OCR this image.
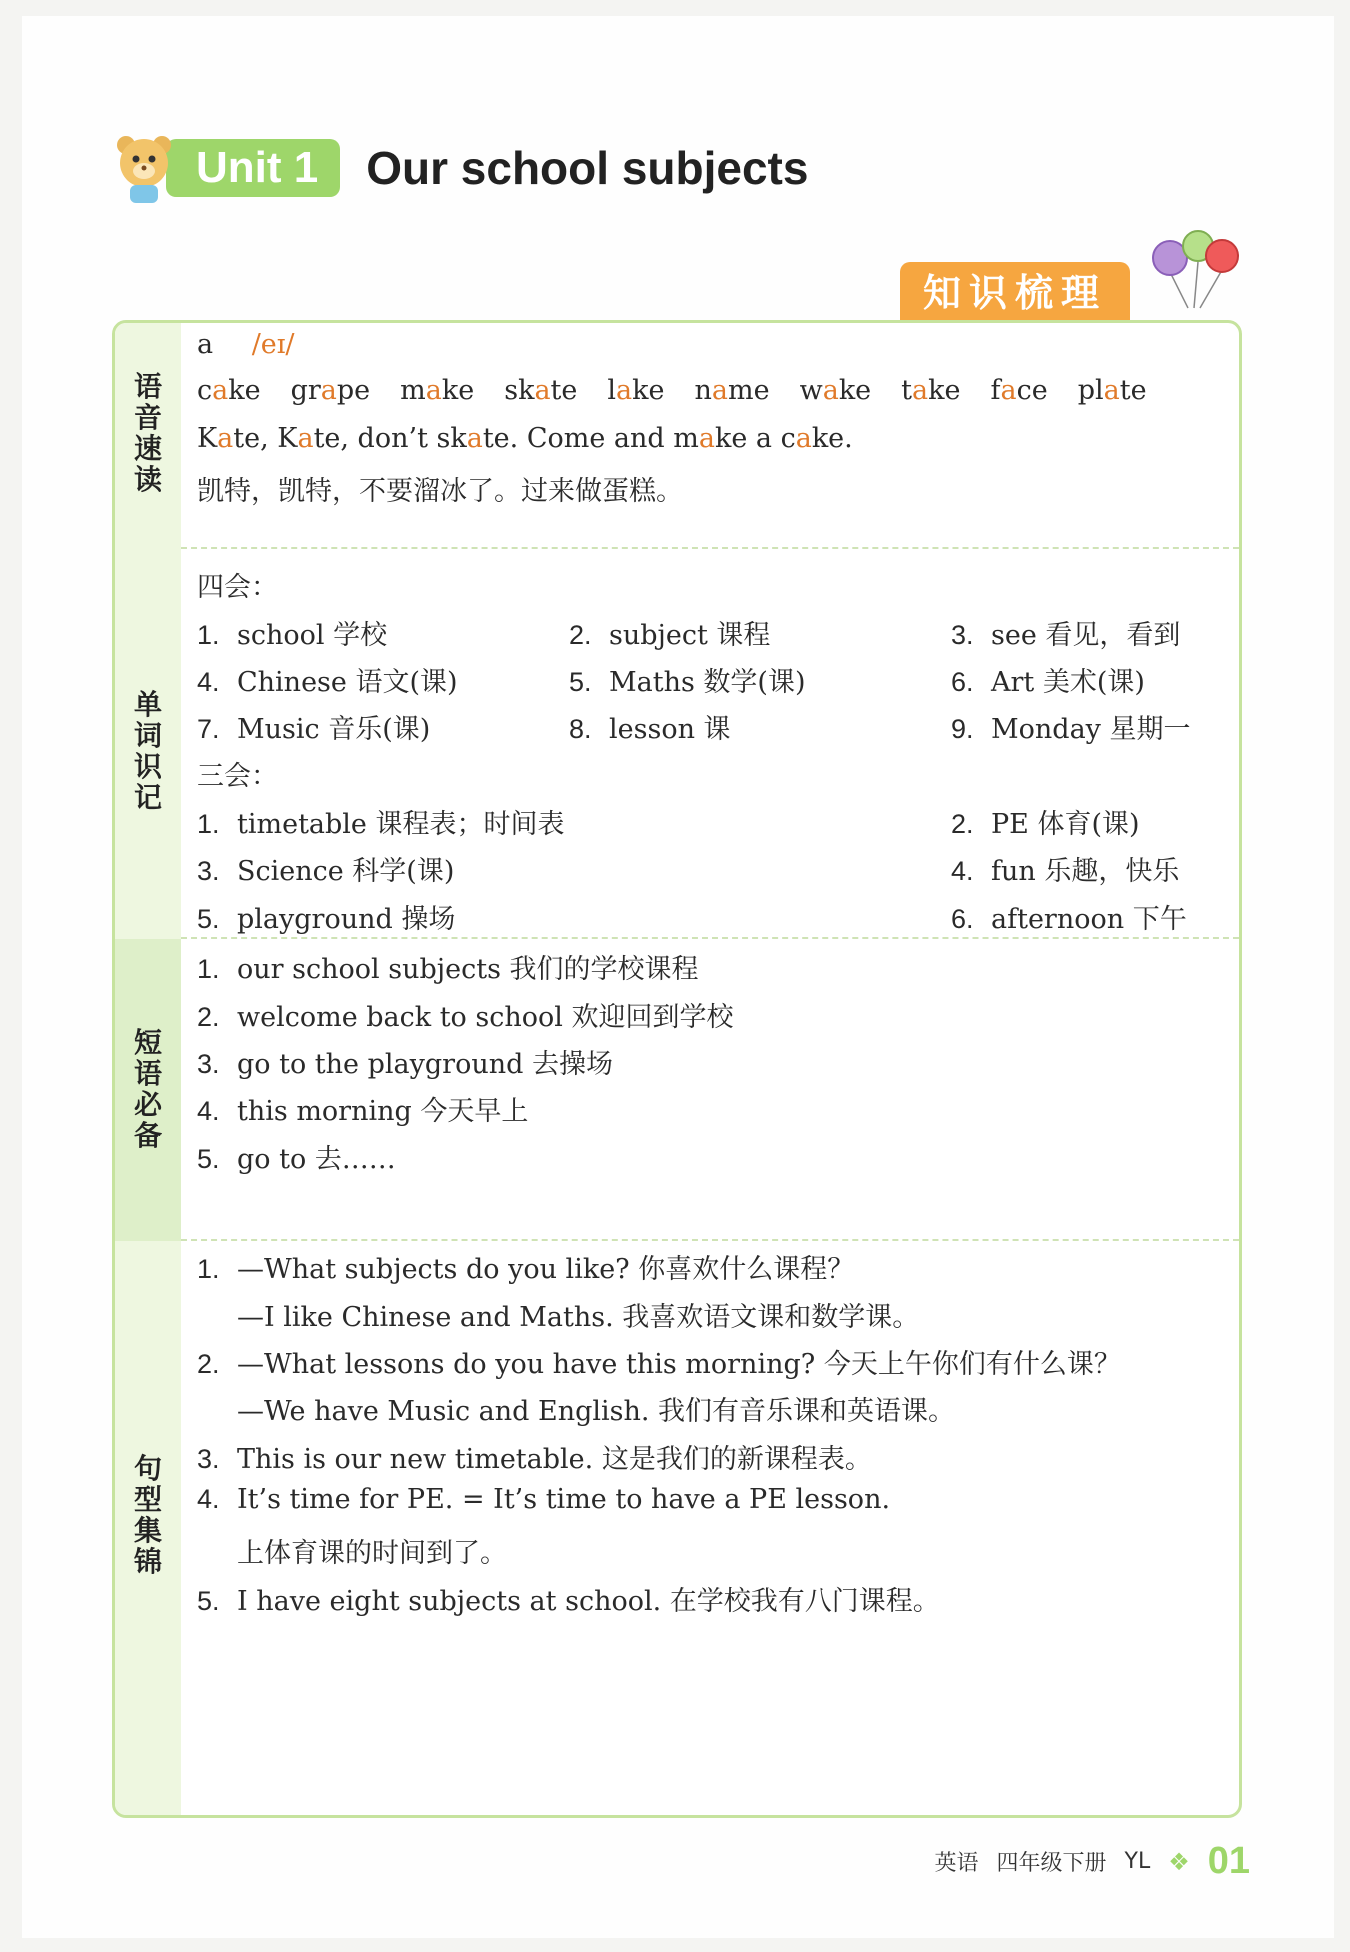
Unit 1	Our school subjects
知识梳理
语
音
速
读
a /eɪ/
cake grape make skate lake name wake take face plate
Kate, Kate, don’t skate. Come and make a cake.
凯特，凯特，不要溜冰了。过来做蛋糕。
单
词
识
记
四会：
1. school 学校	2. subject 课程	3. see 看见，看到
4. Chinese 语文(课)	5. Maths 数学(课)	6. Art 美术(课)
7. Music 音乐(课)	8. lesson 课	9. Monday 星期一
三会：
1. timetable 课程表；时间表	2. PE 体育(课)
3. Science 科学(课)	4. fun 乐趣，快乐
5. playground 操场	6. afternoon 下午
短
语
必
备
1. our school subjects 我们的学校课程
2. welcome back to school 欢迎回到学校
3. go to the playground 去操场
4. this morning 今天早上
5. go to 去……
句
型
集
锦
1. —What subjects do you like? 你喜欢什么课程？
—I like Chinese and Maths. 我喜欢语文课和数学课。
2. —What lessons do you have this morning? 今天上午你们有什么课？
—We have Music and English. 我们有音乐课和英语课。
3. This is our new timetable. 这是我们的新课程表。
4. It’s time for PE. = It’s time to have a PE lesson.
上体育课的时间到了。
5. I have eight subjects at school. 在学校我有八门课程。
英语 四年级下册 YL ❖ 01
